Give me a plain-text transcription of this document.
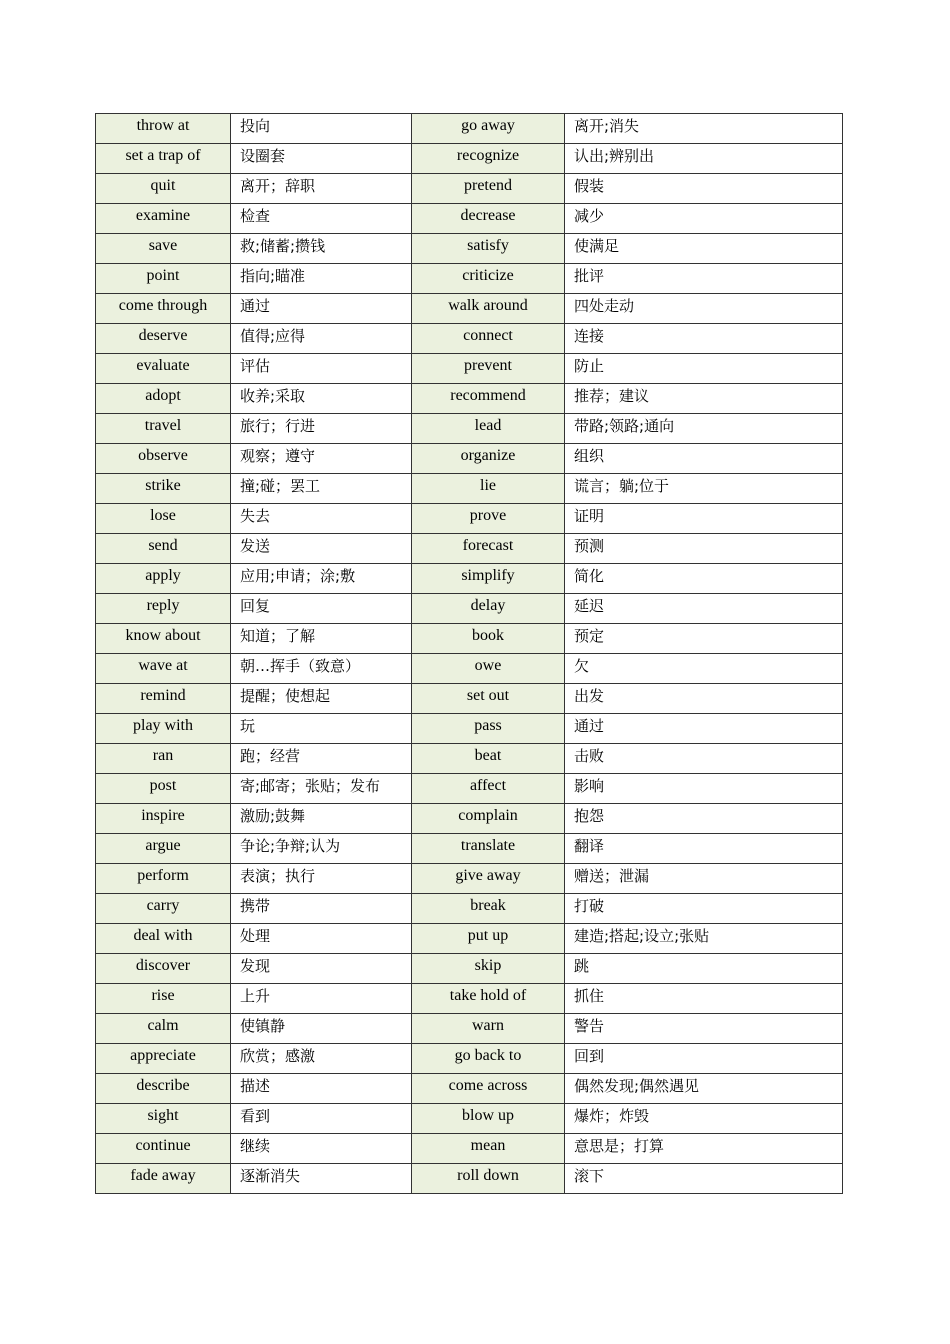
throw at	投向	go away	离开;消失
set a trap of	设圈套	recognize	认出;辨别出
quit	离开；辞职	pretend	假装
examine	检查	decrease	减少
save	救;储蓄;攒钱	satisfy	使满足
point	指向;瞄准	criticize	批评
come through	通过	walk around	四处走动
deserve	值得;应得	connect	连接
evaluate	评估	prevent	防止
adopt	收养;采取	recommend	推荐；建议
travel	旅行；行进	lead	带路;领路;通向
observe	观察；遵守	organize	组织
strike	撞;碰；罢工	lie	谎言；躺;位于
lose	失去	prove	证明
send	发送	forecast	预测
apply	应用;申请；涂;敷	simplify	简化
reply	回复	delay	延迟
know about	知道；了解	book	预定
wave at	朝…挥手（致意）	owe	欠
remind	提醒；使想起	set out	出发
play with	玩	pass	通过
ran	跑；经营	beat	击败
post	寄;邮寄；张贴；发布	affect	影响
inspire	激励;鼓舞	complain	抱怨
argue	争论;争辩;认为	translate	翻译
perform	表演；执行	give away	赠送；泄漏
carry	携带	break	打破
deal with	处理	put up	建造;搭起;设立;张贴
discover	发现	skip	跳
rise	上升	take hold of	抓住
calm	使镇静	warn	警告
appreciate	欣赏；感激	go back to	回到
describe	描述	come across	偶然发现;偶然遇见
sight	看到	blow up	爆炸；炸毁
continue	继续	mean	意思是；打算
fade away	逐渐消失	roll down	滚下
